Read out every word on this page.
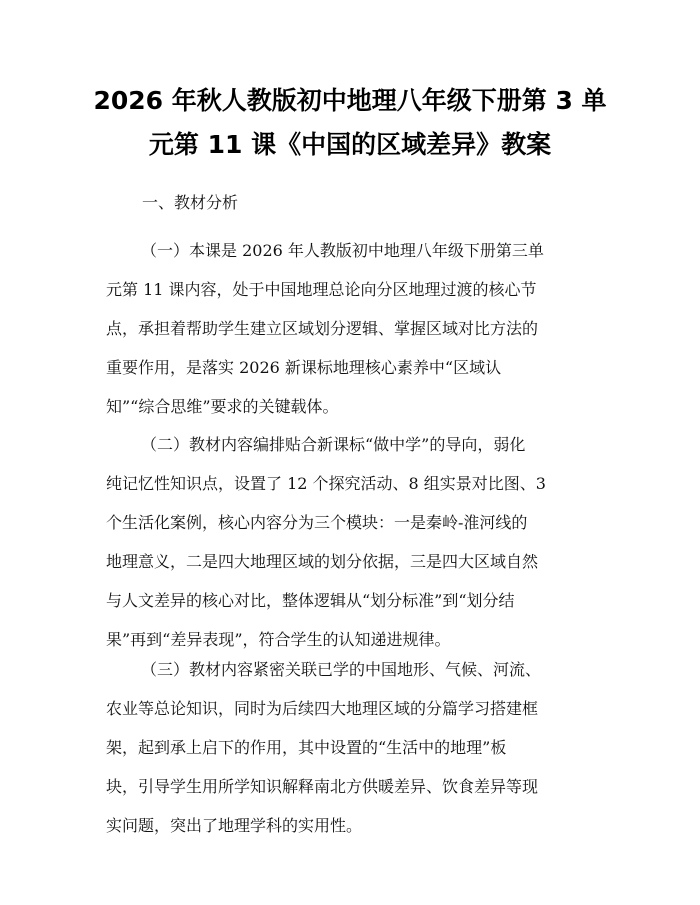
2026 年秋人教版初中地理八年级下册第 3 单
元第 11 课《中国的区域差异》教案
一、教材分析
（一）本课是 2026 年人教版初中地理八年级下册第三单
元第 11 课内容，处于中国地理总论向分区地理过渡的核心节
点，承担着帮助学生建立区域划分逻辑、掌握区域对比方法的
重要作用，是落实 2026 新课标地理核心素养中“区域认
知”“综合思维”要求的关键载体。
（二）教材内容编排贴合新课标“做中学”的导向，弱化
纯记忆性知识点，设置了 12 个探究活动、8 组实景对比图、3
个生活化案例，核心内容分为三个模块：一是秦岭-淮河线的
地理意义，二是四大地理区域的划分依据，三是四大区域自然
与人文差异的核心对比，整体逻辑从“划分标准”到“划分结
果”再到“差异表现”，符合学生的认知递进规律。
（三）教材内容紧密关联已学的中国地形、气候、河流、
农业等总论知识，同时为后续四大地理区域的分篇学习搭建框
架，起到承上启下的作用，其中设置的“生活中的地理”板
块，引导学生用所学知识解释南北方供暖差异、饮食差异等现
实问题，突出了地理学科的实用性。
